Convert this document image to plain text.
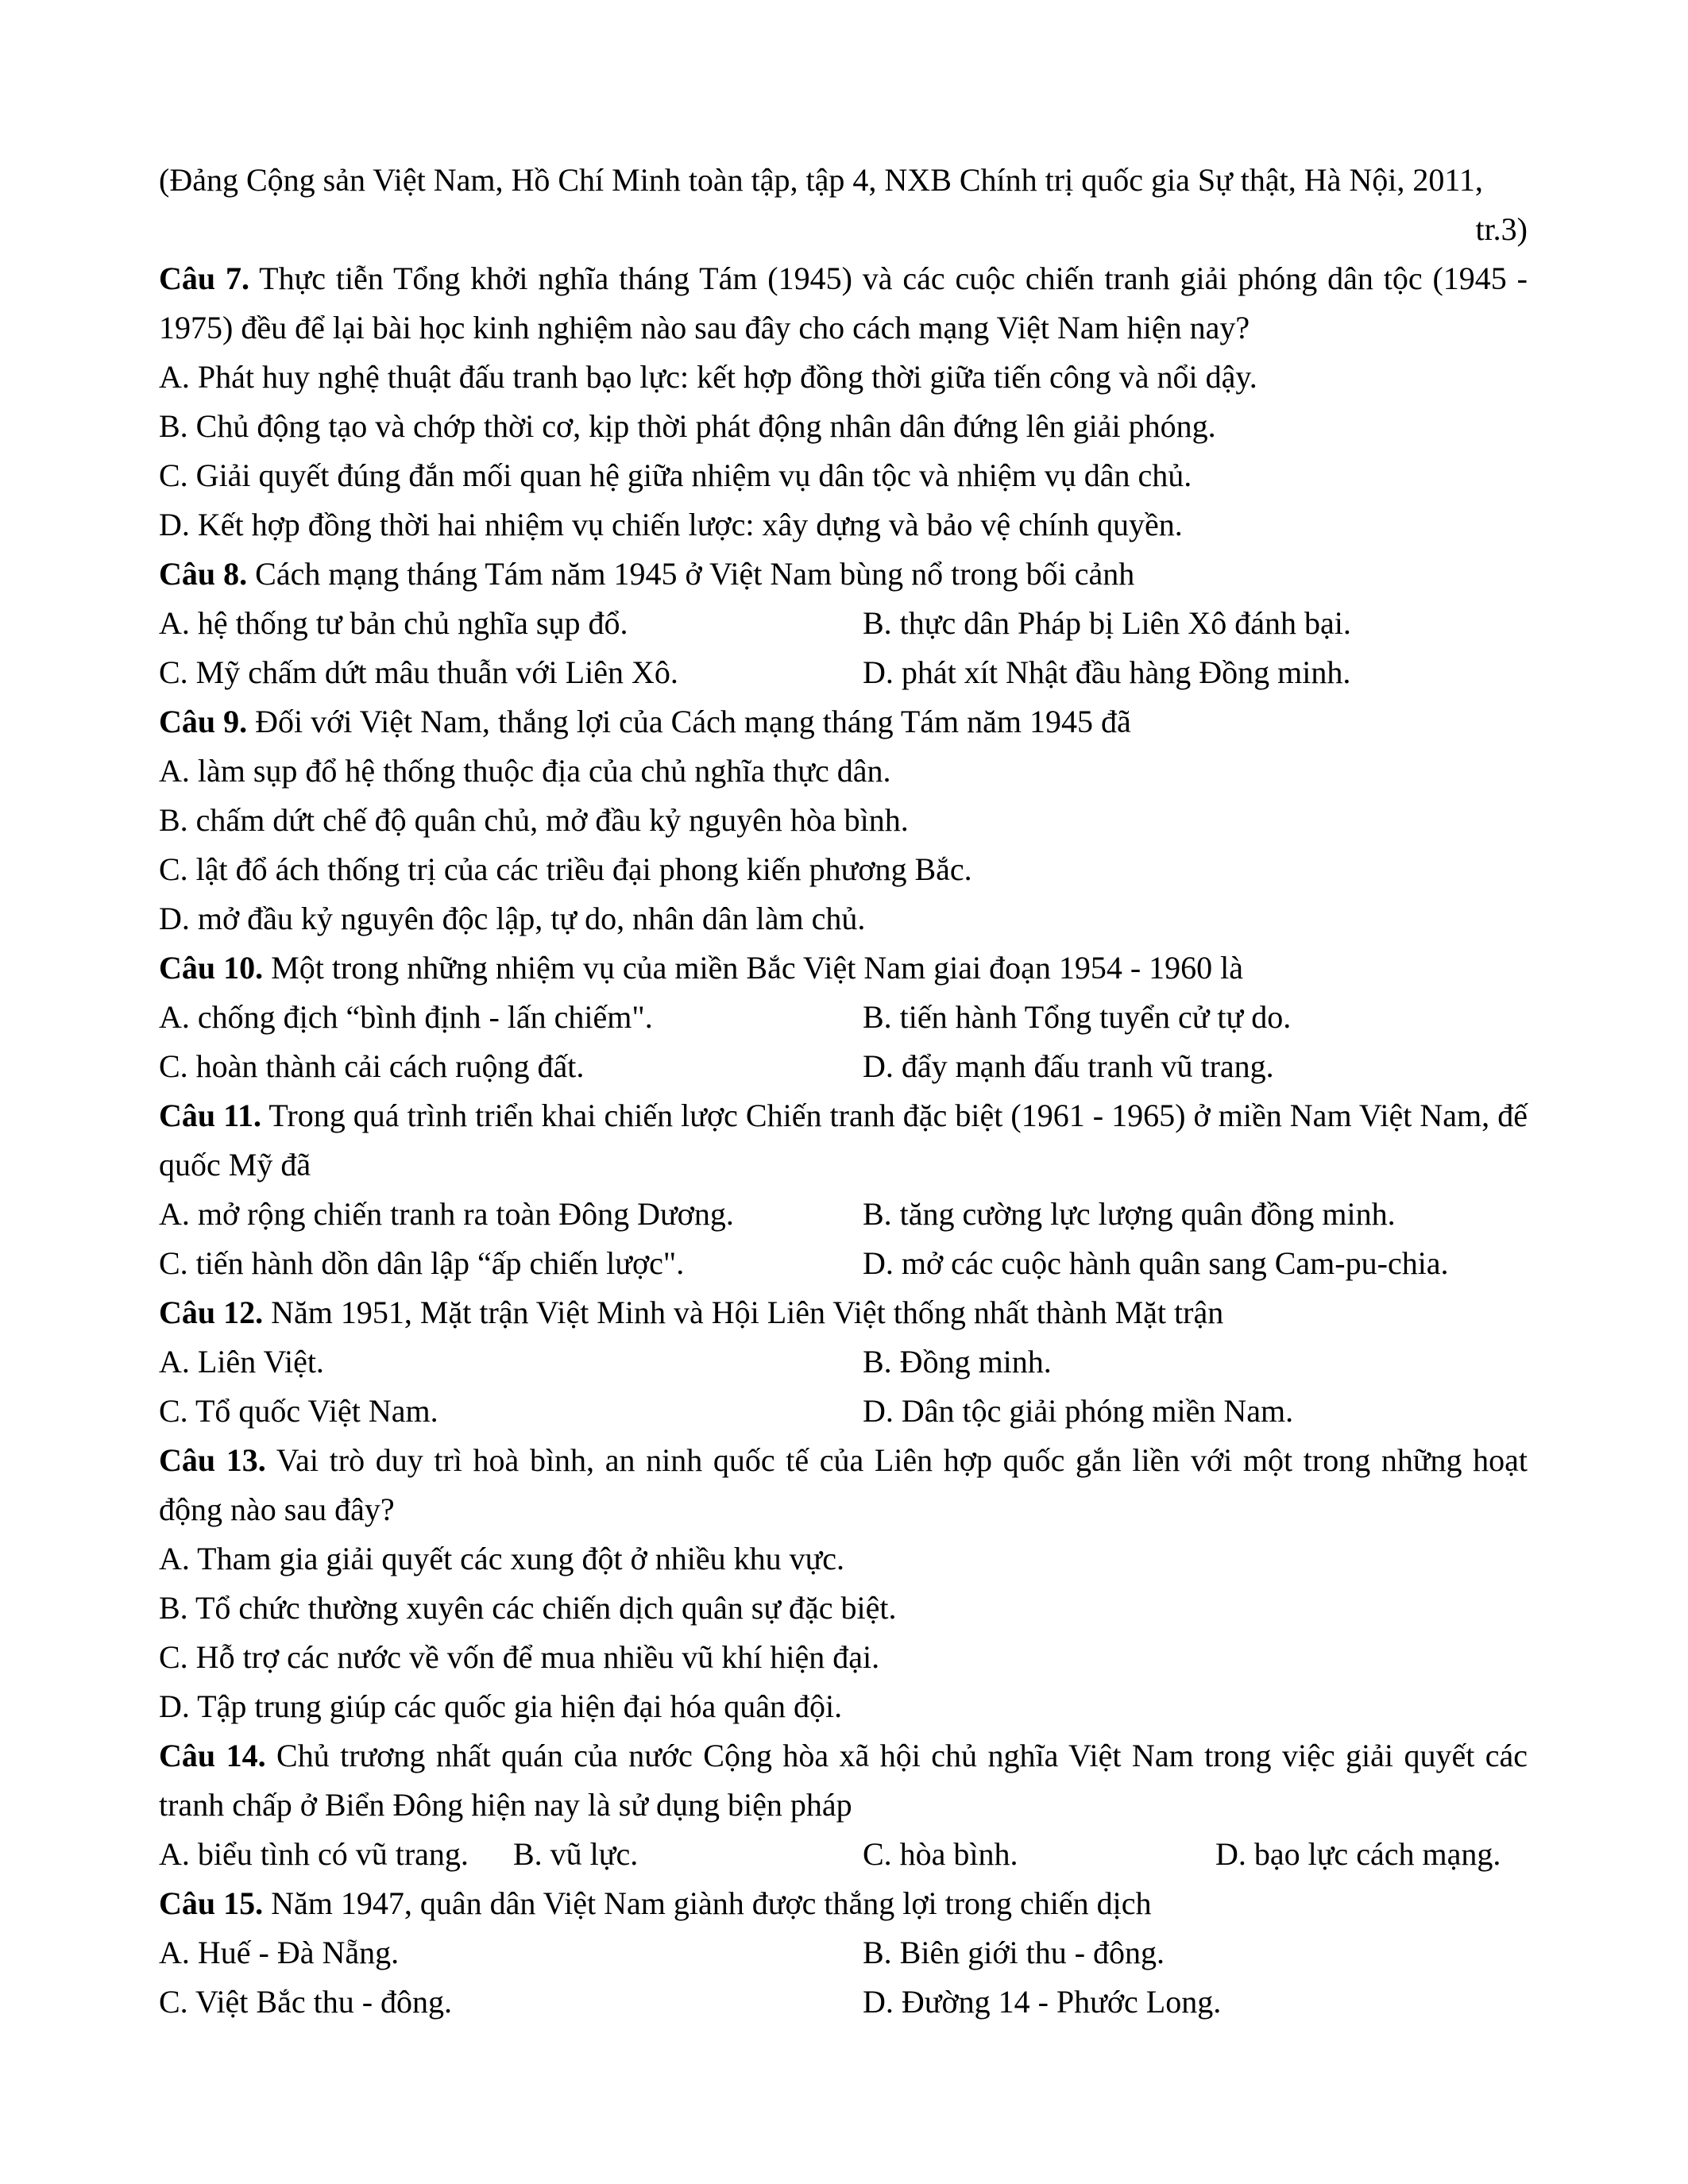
(Đảng Cộng sản Việt Nam, Hồ Chí Minh toàn tập, tập 4, NXB Chính trị quốc gia Sự thật, Hà Nội, 2011,
tr.3)
Câu 7. Thực tiễn Tổng khởi nghĩa tháng Tám (1945) và các cuộc chiến tranh giải phóng dân tộc (1945 - 1975) đều để lại bài học kinh nghiệm nào sau đây cho cách mạng Việt Nam hiện nay?
A. Phát huy nghệ thuật đấu tranh bạo lực: kết hợp đồng thời giữa tiến công và nổi dậy.
B. Chủ động tạo và chớp thời cơ, kịp thời phát động nhân dân đứng lên giải phóng.
C. Giải quyết đúng đắn mối quan hệ giữa nhiệm vụ dân tộc và nhiệm vụ dân chủ.
D. Kết hợp đồng thời hai nhiệm vụ chiến lược: xây dựng và bảo vệ chính quyền.
Câu 8. Cách mạng tháng Tám năm 1945 ở Việt Nam bùng nổ trong bối cảnh
A. hệ thống tư bản chủ nghĩa sụp đổ.	B. thực dân Pháp bị Liên Xô đánh bại.
C. Mỹ chấm dứt mâu thuẫn với Liên Xô.	D. phát xít Nhật đầu hàng Đồng minh.
Câu 9. Đối với Việt Nam, thắng lợi của Cách mạng tháng Tám năm 1945 đã
A. làm sụp đổ hệ thống thuộc địa của chủ nghĩa thực dân.
B. chấm dứt chế độ quân chủ, mở đầu kỷ nguyên hòa bình.
C. lật đổ ách thống trị của các triều đại phong kiến phương Bắc.
D. mở đầu kỷ nguyên độc lập, tự do, nhân dân làm chủ.
Câu 10. Một trong những nhiệm vụ của miền Bắc Việt Nam giai đoạn 1954 - 1960 là
A. chống địch “bình định - lấn chiếm".	B. tiến hành Tổng tuyển cử tự do.
C. hoàn thành cải cách ruộng đất.	D. đẩy mạnh đấu tranh vũ trang.
Câu 11. Trong quá trình triển khai chiến lược Chiến tranh đặc biệt (1961 - 1965) ở miền Nam Việt Nam, đế quốc Mỹ đã
A. mở rộng chiến tranh ra toàn Đông Dương.	B. tăng cường lực lượng quân đồng minh.
C. tiến hành dồn dân lập “ấp chiến lược".	D. mở các cuộc hành quân sang Cam-pu-chia.
Câu 12. Năm 1951, Mặt trận Việt Minh và Hội Liên Việt thống nhất thành Mặt trận
A. Liên Việt.	B. Đồng minh.
C. Tổ quốc Việt Nam.	D. Dân tộc giải phóng miền Nam.
Câu 13. Vai trò duy trì hoà bình, an ninh quốc tế của Liên hợp quốc gắn liền với một trong những hoạt động nào sau đây?
A. Tham gia giải quyết các xung đột ở nhiều khu vực.
B. Tổ chức thường xuyên các chiến dịch quân sự đặc biệt.
C. Hỗ trợ các nước về vốn để mua nhiều vũ khí hiện đại.
D. Tập trung giúp các quốc gia hiện đại hóa quân đội.
Câu 14. Chủ trương nhất quán của nước Cộng hòa xã hội chủ nghĩa Việt Nam trong việc giải quyết các tranh chấp ở Biển Đông hiện nay là sử dụng biện pháp
A. biểu tình có vũ trang.	B. vũ lực.	C. hòa bình.	D. bạo lực cách mạng.
Câu 15. Năm 1947, quân dân Việt Nam giành được thắng lợi trong chiến dịch
A. Huế - Đà Nẵng.	B. Biên giới thu - đông.
C. Việt Bắc thu - đông.	D. Đường 14 - Phước Long.
